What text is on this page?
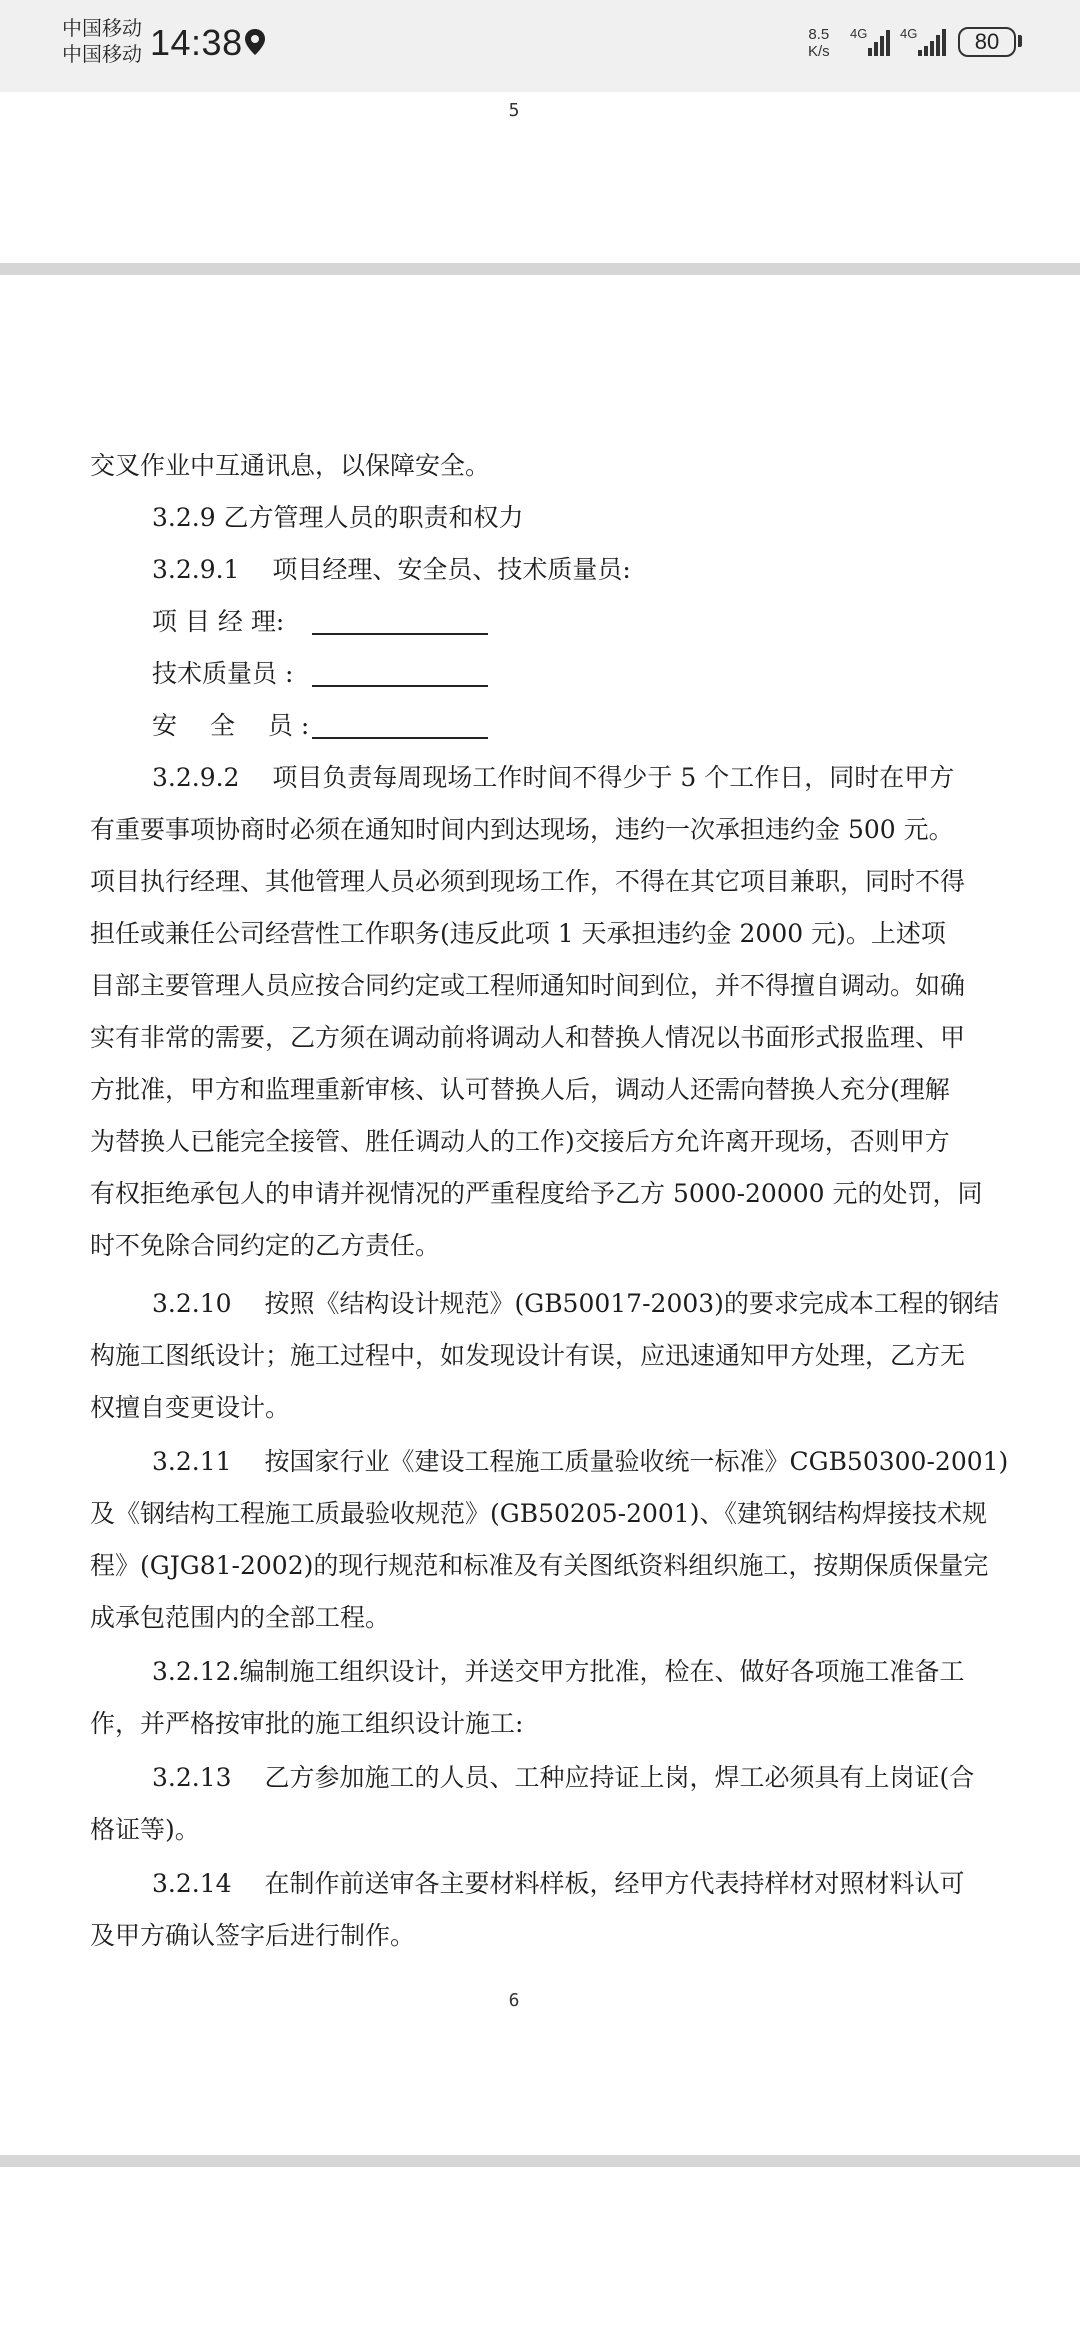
中国移动
中国移动 14:38	8.5
K/s
4G	4G	80
5
交叉作业中互通讯息，以保障安全。
3.2.9 乙方管理人员的职责和权力
3.2.9.1　 项目经理、安全员、技术质量员:
项 目 经 理:
技术质量员 :
安　 全　 员 :
3.2.9.2　 项目负责每周现场工作时间不得少于 5 个工作日，同时在甲方
有重要事项协商时必须在通知时间内到达现场，违约一次承担违约金 500 元。
项目执行经理、其他管理人员必须到现场工作，不得在其它项目兼职，同时不得
担任或兼任公司经营性工作职务(违反此项 1 天承担违约金 2000 元)。上述项
目部主要管理人员应按合同约定或工程师通知时间到位，并不得擅自调动。如确
实有非常的需要，乙方须在调动前将调动人和替换人情况以书面形式报监理、甲
方批准，甲方和监理重新审核、认可替换人后，调动人还需向替换人充分(理解
为替换人已能完全接管、胜任调动人的工作)交接后方允许离开现场，否则甲方
有权拒绝承包人的申请并视情况的严重程度给予乙方 5000-20000 元的处罚，同
时不免除合同约定的乙方责任。
3.2.10　 按照《结构设计规范》(GB50017-2003)的要求完成本工程的钢结
构施工图纸设计；施工过程中，如发现设计有误，应迅速通知甲方处理，乙方无
权擅自变更设计。
3.2.11　 按国家行业《建设工程施工质量验收统一标准》CGB50300-2001)
及《钢结构工程施工质最验收规范》(GB50205-2001)、《建筑钢结构焊接技术规
程》(GJG81-2002)的现行规范和标准及有关图纸资料组织施工，按期保质保量完
成承包范围内的全部工程。
3.2.12.编制施工组织设计，并送交甲方批准，检在、做好各项施工准备工
作，并严格按审批的施工组织设计施工:
3.2.13　 乙方参加施工的人员、工种应持证上岗，焊工必须具有上岗证(合
格证等)。
3.2.14　 在制作前送审各主要材料样板，经甲方代表持样材对照材料认可
及甲方确认签字后进行制作。
6
